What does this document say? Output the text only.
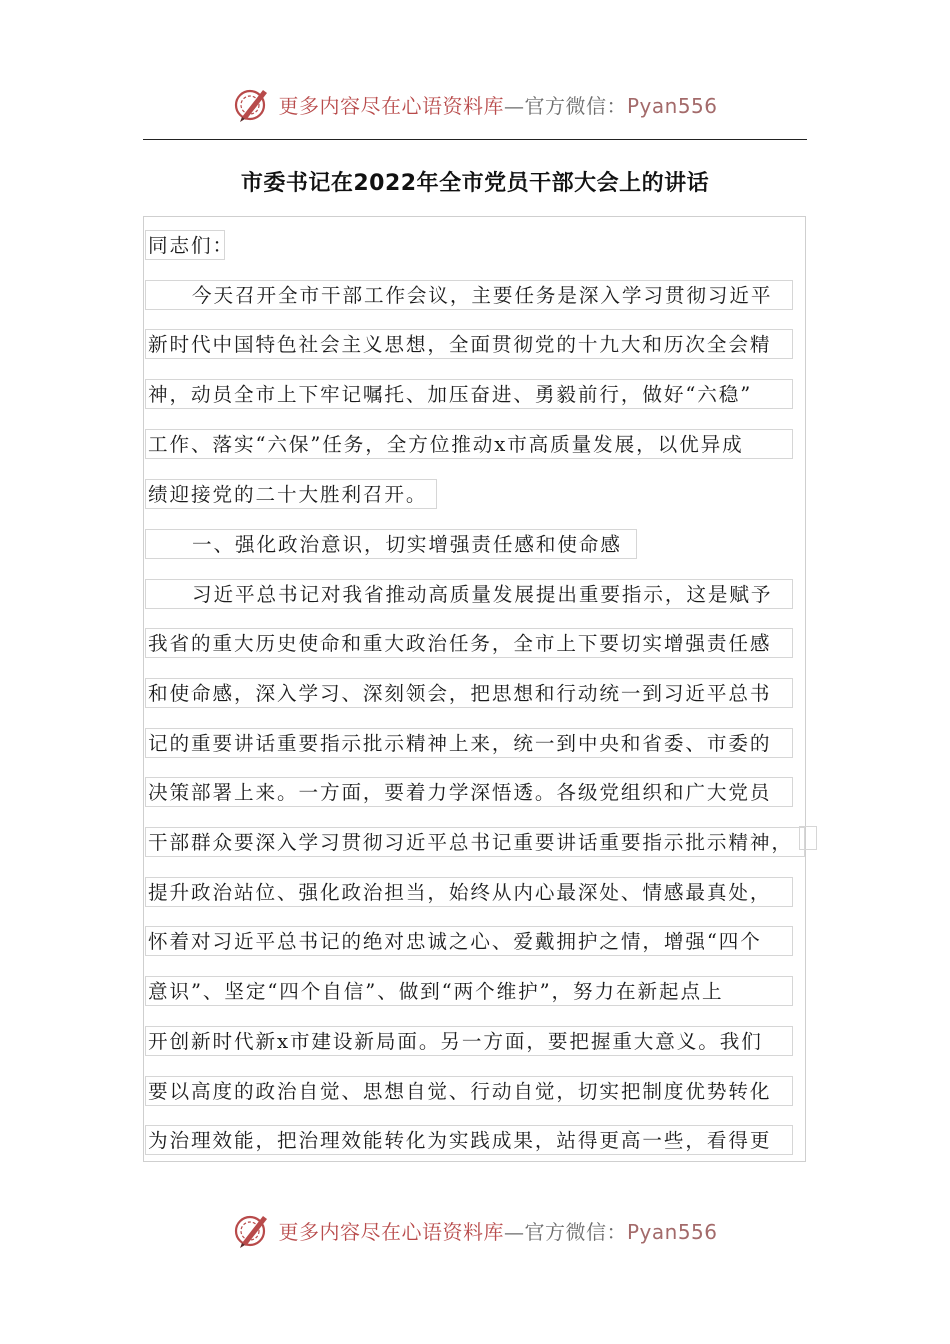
更多内容尽在心语资料库—官方微信：Pyan556
市委书记在2022年全市党员干部大会上的讲话
同志们：
今天召开全市干部工作会议，主要任务是深入学习贯彻习近平
新时代中国特色社会主义思想，全面贯彻党的十九大和历次全会精
神，动员全市上下牢记嘱托、加压奋进、勇毅前行，做好“六稳”
工作、落实“六保”任务，全方位推动x市高质量发展，以优异成
绩迎接党的二十大胜利召开。
一、强化政治意识，切实增强责任感和使命感
习近平总书记对我省推动高质量发展提出重要指示，这是赋予
我省的重大历史使命和重大政治任务，全市上下要切实增强责任感
和使命感，深入学习、深刻领会，把思想和行动统一到习近平总书
记的重要讲话重要指示批示精神上来，统一到中央和省委、市委的
决策部署上来。一方面，要着力学深悟透。各级党组织和广大党员
干部群众要深入学习贯彻习近平总书记重要讲话重要指示批示精神，
提升政治站位、强化政治担当，始终从内心最深处、情感最真处，
怀着对习近平总书记的绝对忠诚之心、爱戴拥护之情，增强“四个
意识”、坚定“四个自信”、做到“两个维护”，努力在新起点上
开创新时代新x市建设新局面。另一方面，要把握重大意义。我们
要以高度的政治自觉、思想自觉、行动自觉，切实把制度优势转化
为治理效能，把治理效能转化为实践成果，站得更高一些，看得更
更多内容尽在心语资料库—官方微信：Pyan556
